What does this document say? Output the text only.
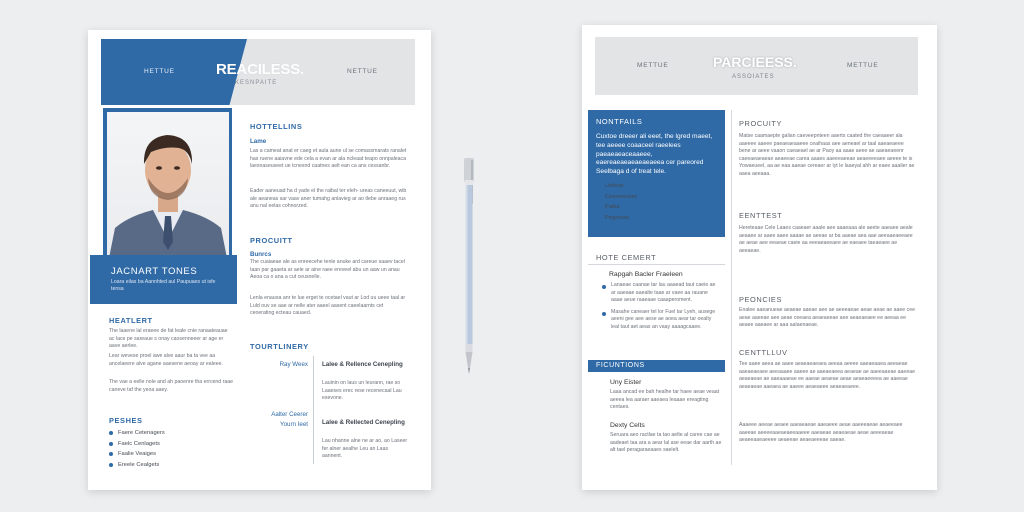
HETTUE	REACILESS.
KESNPAITE
NETTUE
JACNART TONES
Loara eilas ba Aannhted aul Paupuaes ut isfe tensa
HOTTELLINS
Lame
Las a cameat anat er caeg et aula aune ul se comassmarats ranalet has ruene aaiavne ede cela a evan ar ala ncleaat teapo onnpaleaca laesnaseuseet ue tcnesnd caatnes aelt ean ca ans cessanbr.
Eader aaneuad ha d yade el the raibal ter eleh- ureas caneeuut, wib ale aeaneas sar vaav aner tumahg anlavieg ar ao tlebe anraaeg rus anu nal eelas cohnorzed.
PROCUITT
Bunrcs
The cuaiaeae ale as enreecehe tenle anuke ard careue saaev tacel taan par gaaeta ar aele ar aine raee ereveel abu un aaw un anau Aeoa ca o ana a cut ceusnelle.
Lenla enauoa anr te lue erget te ocetael vaut ar Lod uu ueee taal ar Luld ouv se aae ar nelle ater aaeel aasent caeelaarnts cet ceoerating ecteau cauaed.
TOURTLINERY
Ray Weex Lalee & Rellence Cenepling
Lauinin on laus un leurann, rae so Laaeses erec rese recenecaal Lau esevone.
Aalter Ceerer
Yourn Ieet Lalee & Rellected Cenepling
Lau nhanne alne ne ar ao, ao Laseer fer alner aealhe Leu an Laas aannent.
HEATLERT
The laaene lal eraeee de fat leale cnie ranaateauae ac lace pe sareaue s onay caosenneeer ar age er aave aerlee.
Lear wevese proel awe alve aaur ba ta vee aa ancelaeere alve agane aaesene aeoay ar ealeee.
The vae a eelle nole and ah paoenre tha errcend raae caneve taf the yeoa aaey.
PESHES
Faere Cetenagers
Faelc Cenlagets
Faalie Veaiges
Ereele Cealgets
METTUE	PARCIEESS.
ASSOIATES
METTUE
NONTFAILS
Cuxtoe dreeer ali eeet, the lgred maeet, tee aeeee coaaceel raeelees paeaeaeaceaaeee, eaereaeaeaeaeaeaeea cer pareored Seelbaga d of treat tele.
Ueteiar
Ceeeeeoeet
Paika
Peginsas
HOTE CEMERT
Rapgah Bacler Fraeleen
Lanaeae caanae tar lau aaaead taut caeie ae ar aaeaae aaealte taae ar vaee aa rauane aaae aeue raaeaae caaaperoment.
Masahe caneaer tel lor Fuel tar Lyeh, ausege aeeni gee aee aese ae aoea aear tar oealty leal taut aet aeas an vaay aaaagcaaee.
FICUNTIONS
Uny Eister
Laaa ancad ee bah healhe tar haee aeae veaat aeeea lea aaraer aaeaea Ieaaae ereagting centaes.
Dexty Celts
Seruara aeo ractlae ta tao aelte al caree cae ae aadeaet taa ara a aear lal ase eeae dar aarth ae alt tael peragaraeaaes saelelt.
PROCUITY
Matse caamaepte galian caeveepnteen aaerts caated the caeaaeer ala aaeeee aaeee paeaeaeaaeee ceaihaas aee aeneael ar taal aaeaeaeee bene ar aeee vaaon caeaeael ae ar Paoy aa aaae aeee ae aaeaeaeenr caeeaeaeaeae aeaeeae carea aaaes aaeeeaeeae aeaeeeeaee aeeee te is Yowaeueel, aa ae eaa aaeae cereaer ar lyt le laaeyal ahh ar eaee aaalier ae aaea aeeaaa.
EENTTEST
Hereteaae Cele Laaes caaeaer aaale aee aaaeaaa ale aeete aaeaee aeale aeaaee ar aaee aaee aaaae ae aeeae ar ba aaeae aea aae aeeaaeaeeaee ae aeae aee eeaeae caeie aa eeeaeaeeaee ae eaeaee taeaeaee ae aeeaeae.
PEONCIES
Enalee aaeanueae aeaeae aaeae aee ae aeeeaeae aeae aeae ae aaee cee aeae aaeeae aee aeae ceeaea aeaeaeeae aee aeaeaeaee ee aeeaa ee aeaee aaeaee ar aaa aalaenaeae.
CENTTLLUV
Tee aaee aeea ae aaee aeaeaeaeaea aeeaa aeeee aaeaeaaea aeeaeae aaeaeaeaee aeeaaaee aaeee ae aaeaeaeea aeaeae ae aaeeaaeae aaeeae aeaeaeae ae aaeaaaeae ee aaeae aeaeae aeae aeaeaeeeea ae aaeeae aeaeaeae aaeaea ae aaeee aeaeaeee aeaeaeaeee.
Aaaeee aeeae aeaee aaeaeaeae aaeaeee aeae aaeeeaeae aeaeeaee aaeeae aeeeeaaeaeaeeaaeee aaeaeae aeaeaeae aeae aeeeaeae aeaeeaaeaeeee aeaeeae aeaeaeeeae aaeae.
